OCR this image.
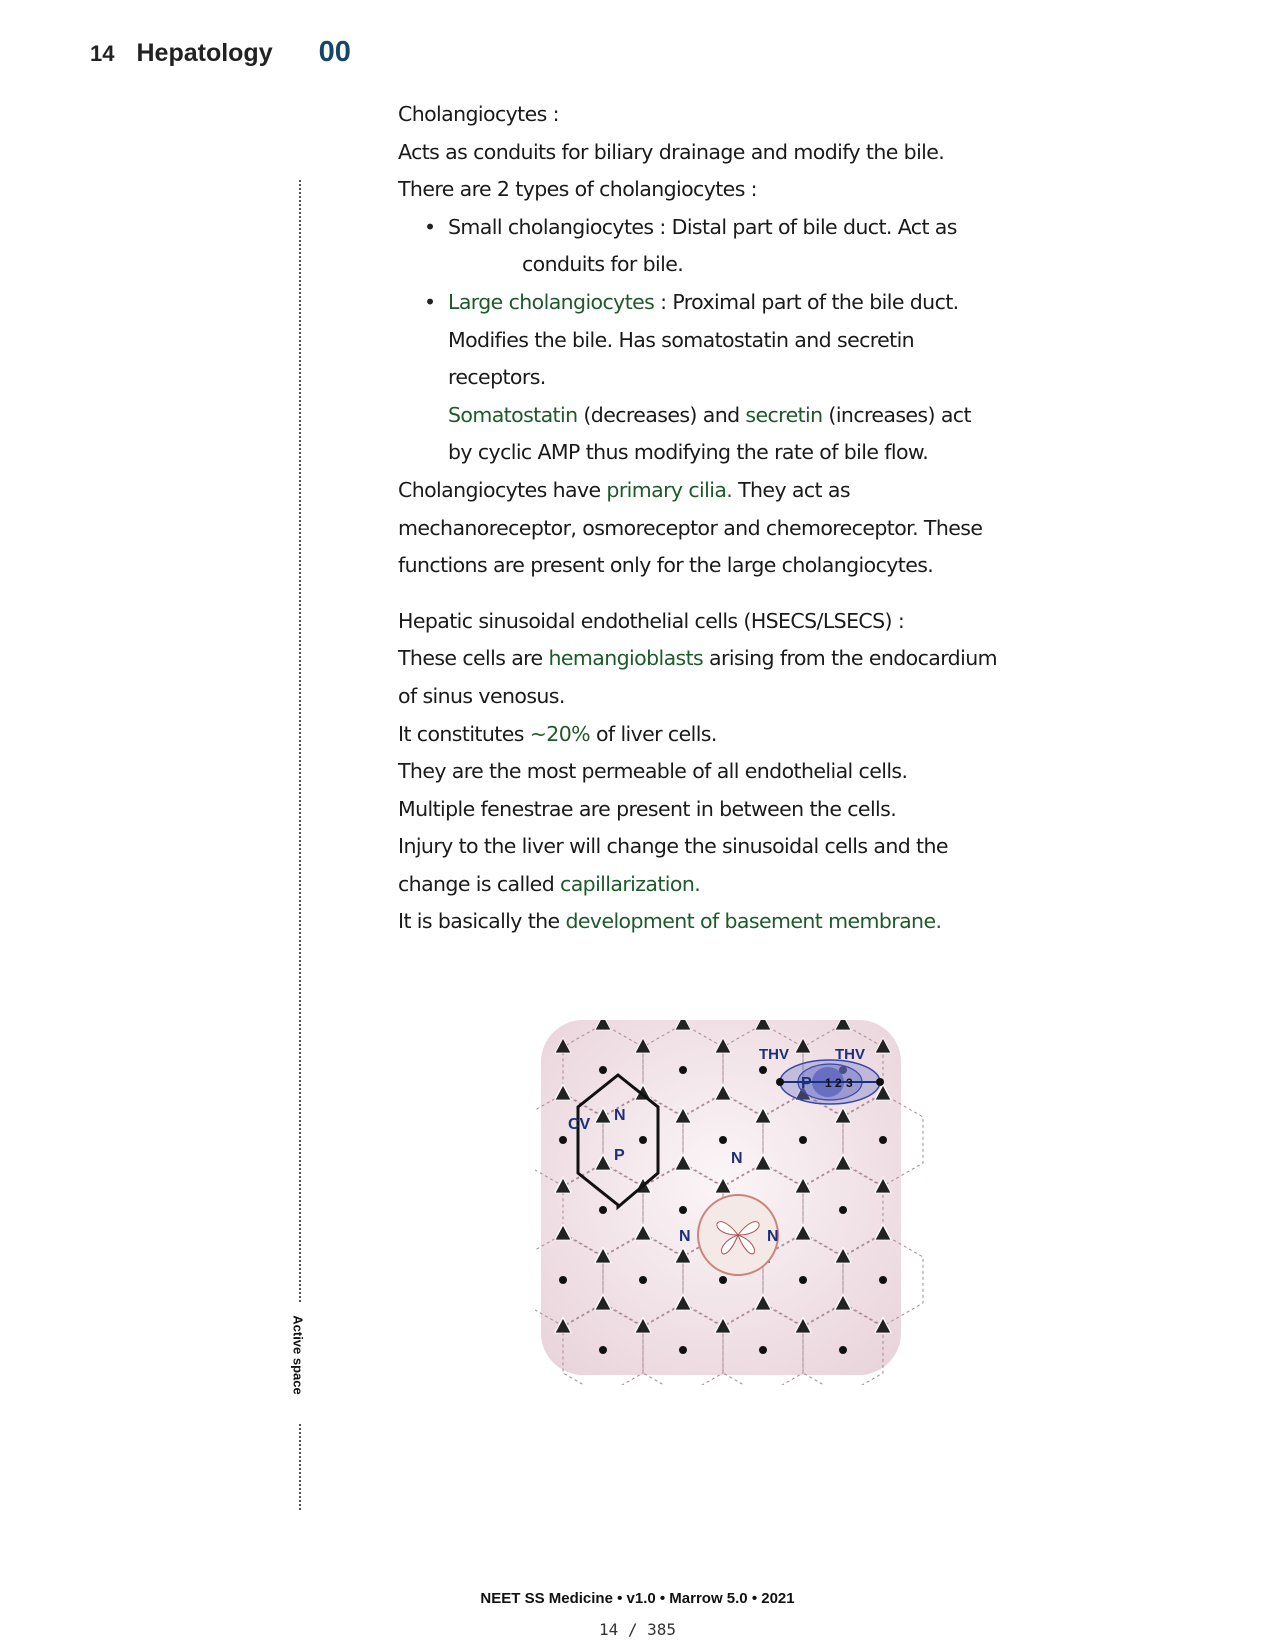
14 Hepatology 00
Active space
Cholangiocytes :
Acts as conduits for biliary drainage and modify the bile.
There are 2 types of cholangiocytes :
• Small cholangiocytes : Distal part of bile duct. Act as
conduits for bile.
• Large cholangiocytes : Proximal part of the bile duct.
Modifies the bile. Has somatostatin and secretin
receptors.
Somatostatin (decreases) and secretin (increases) act
by cyclic AMP thus modifying the rate of bile flow.
Cholangiocytes have primary cilia. They act as
mechanoreceptor, osmoreceptor and chemoreceptor. These
functions are present only for the large cholangiocytes.
Hepatic sinusoidal endothelial cells (HSECS/LSECS) :
These cells are hemangioblasts arising from the endocardium
of sinus venosus.
It constitutes ~20% of liver cells.
They are the most permeable of all endothelial cells.
Multiple fenestrae are present in between the cells.
Injury to the liver will change the sinusoidal cells and the
change is called capillarization.
It is basically the development of basement membrane.
CV
N
P	N
N	N
P
THV	THV
1 2 3
NEET SS Medicine • v1.0 • Marrow 5.0 • 2021
14 / 385
